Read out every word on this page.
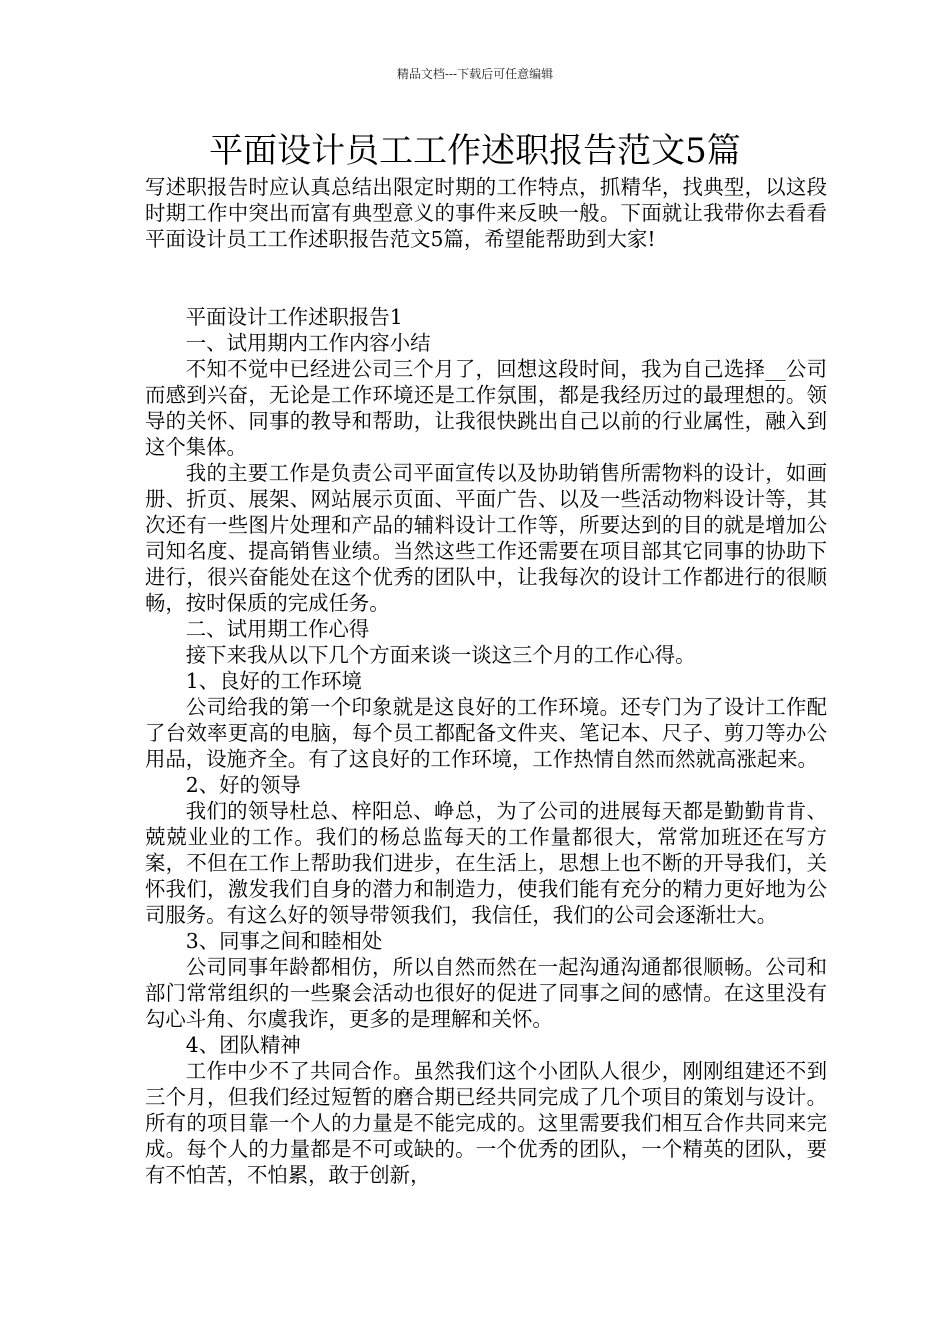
精品文档---下载后可任意编辑
平面设计员工工作述职报告范文5篇

写述职报告时应认真总结出限定时期的工作特点，抓精华，找典型，以这段时期工作中突出而富有典型意义的事件来反映一般。下面就让我带你去看看平面设计员工工作述职报告范文5篇，希望能帮助到大家!

平面设计工作述职报告1

一、试用期内工作内容小结

不知不觉中已经进公司三个月了，回想这段时间，我为自己选择__公司而感到兴奋，无论是工作环境还是工作氛围，都是我经历过的最理想的。领导的关怀、同事的教导和帮助，让我很快跳出自己以前的行业属性，融入到这个集体。

我的主要工作是负责公司平面宣传以及协助销售所需物料的设计，如画册、折页、展架、网站展示页面、平面广告、以及一些活动物料设计等，其次还有一些图片处理和产品的辅料设计工作等，所要达到的目的就是增加公司知名度、提高销售业绩。当然这些工作还需要在项目部其它同事的协助下进行，很兴奋能处在这个优秀的团队中，让我每次的设计工作都进行的很顺畅，按时保质的完成任务。

二、试用期工作心得

接下来我从以下几个方面来谈一谈这三个月的工作心得。

1、良好的工作环境

公司给我的第一个印象就是这良好的工作环境。还专门为了设计工作配了台效率更高的电脑，每个员工都配备文件夹、笔记本、尺子、剪刀等办公用品，设施齐全。有了这良好的工作环境，工作热情自然而然就高涨起来。

2、好的领导

我们的领导杜总、梓阳总、峥总，为了公司的进展每天都是勤勤肯肯、兢兢业业的工作。我们的杨总监每天的工作量都很大，常常加班还在写方案，不但在工作上帮助我们进步，在生活上，思想上也不断的开导我们，关怀我们，激发我们自身的潜力和制造力，使我们能有充分的精力更好地为公司服务。有这么好的领导带领我们，我信任，我们的公司会逐渐壮大。

3、同事之间和睦相处

公司同事年龄都相仿，所以自然而然在一起沟通沟通都很顺畅。公司和部门常常组织的一些聚会活动也很好的促进了同事之间的感情。在这里没有勾心斗角、尔虞我诈，更多的是理解和关怀。

4、团队精神

工作中少不了共同合作。虽然我们这个小团队人很少，刚刚组建还不到三个月，但我们经过短暂的磨合期已经共同完成了几个项目的策划与设计。所有的项目靠一个人的力量是不能完成的。这里需要我们相互合作共同来完成。每个人的力量都是不可或缺的。一个优秀的团队，一个精英的团队，要有不怕苦，不怕累，敢于创新，
